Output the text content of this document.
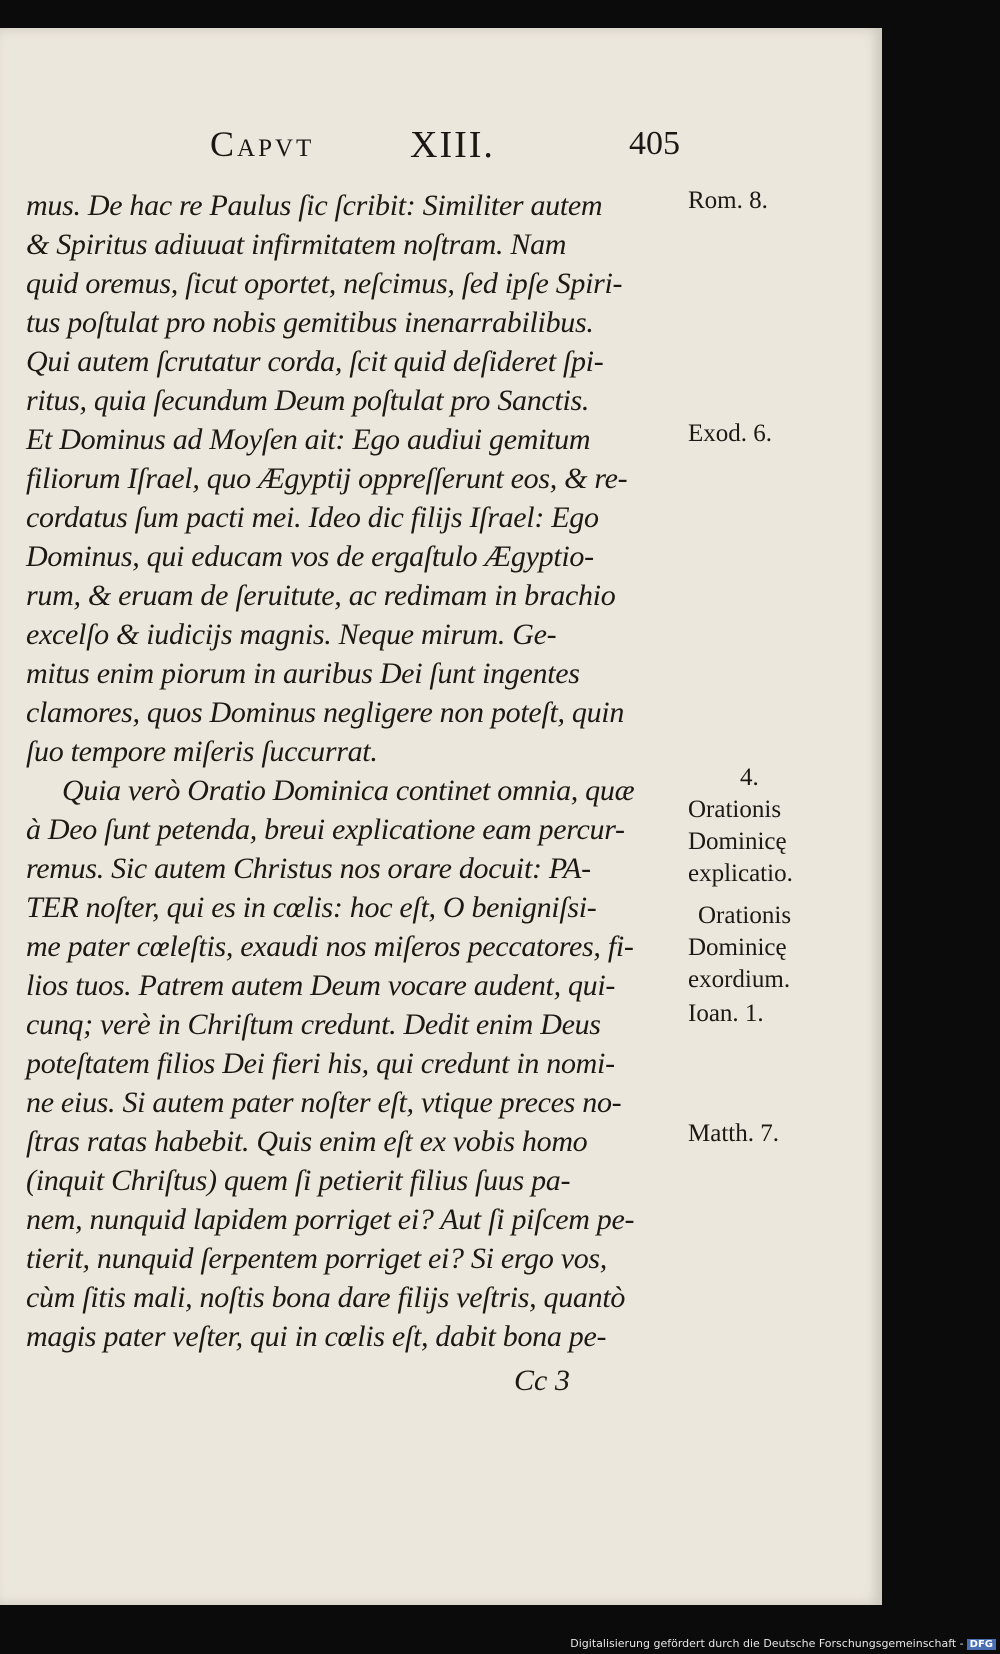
Capvt	XIII.	405
mus. De hac re Paulus ſic ſcribit: Similiter autem
& Spiritus adiuuat infirmitatem noſtram. Nam
quid oremus, ſicut oportet, neſcimus, ſed ipſe Spiri-
tus poſtulat pro nobis gemitibus inenarrabilibus.
Qui autem ſcrutatur corda, ſcit quid deſideret ſpi-
ritus, quia ſecundum Deum poſtulat pro Sanctis.
Et Dominus ad Moyſen ait: Ego audiui gemitum
filiorum Iſrael, quo Ægyptij oppreſſerunt eos, & re-
cordatus ſum pacti mei. Ideo dic filijs Iſrael: Ego
Dominus, qui educam vos de ergaſtulo Ægyptio-
rum, & eruam de ſeruitute, ac redimam in brachio
excelſo & iudicijs magnis. Neque mirum. Ge-
mitus enim piorum in auribus Dei ſunt ingentes
clamores, quos Dominus negligere non poteſt, quin
ſuo tempore miſeris ſuccurrat.
Quia verò Oratio Dominica continet omnia, quæ
à Deo ſunt petenda, breui explicatione eam percur-
remus. Sic autem Christus nos orare docuit: PA-
TER noſter, qui es in cœlis: hoc eſt, O benigniſsi-
me pater cœleſtis, exaudi nos miſeros peccatores, fi-
lios tuos. Patrem autem Deum vocare audent, qui-
cunq; verè in Chriſtum credunt. Dedit enim Deus
poteſtatem filios Dei fieri his, qui credunt in nomi-
ne eius. Si autem pater noſter eſt, vtique preces no-
ſtras ratas habebit. Quis enim eſt ex vobis homo
(inquit Chriſtus) quem ſi petierit filius ſuus pa-
nem, nunquid lapidem porriget ei? Aut ſi piſcem pe-
tierit, nunquid ſerpentem porriget ei? Si ergo vos,
cùm ſitis mali, noſtis bona dare filijs veſtris, quantò
magis pater veſter, qui in cœlis eſt, dabit bona pe-
Rom. 8.
Exod. 6.
4.
Orationis
Dominicę
explicatio.
Orationis
Dominicę
exordium.
Ioan. 1.
Matth. 7.
Cc 3
Digitalisierung gefördert durch die Deutsche Forschungsgemeinschaft - DFG
